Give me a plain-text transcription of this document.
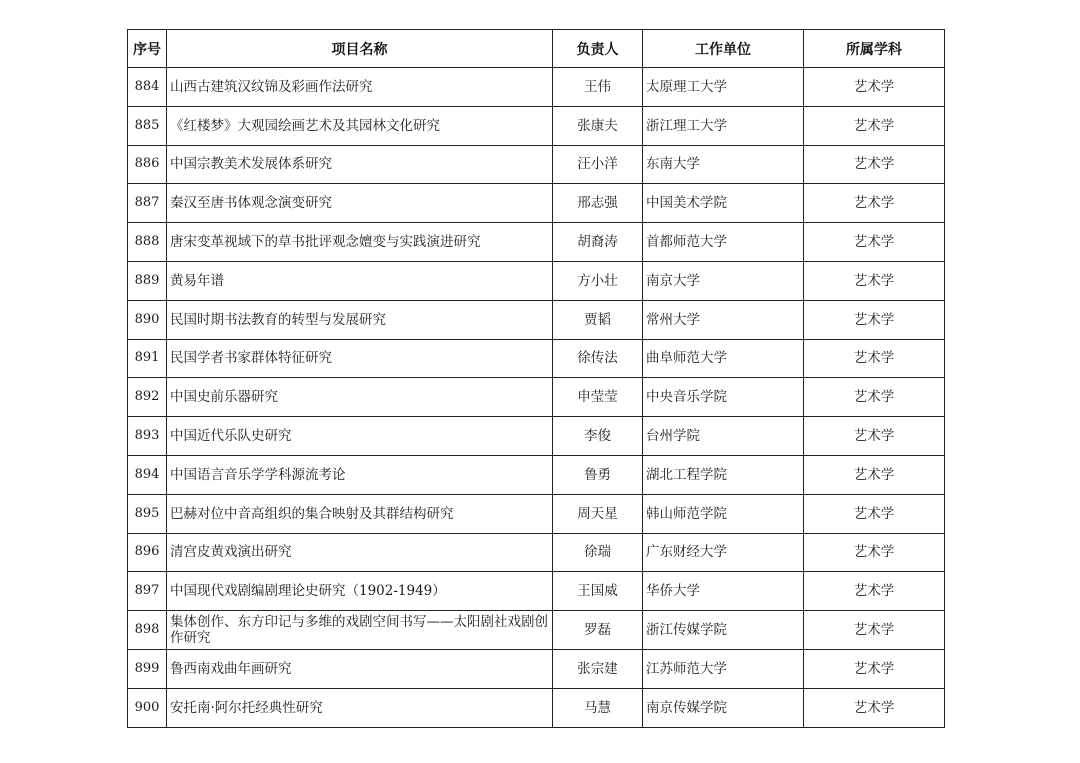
序号	项目名称	负责人	工作单位	所属学科
884	山西古建筑汉纹锦及彩画作法研究	王伟	太原理工大学	艺术学
885	《红楼梦》大观园绘画艺术及其园林文化研究	张康夫	浙江理工大学	艺术学
886	中国宗教美术发展体系研究	汪小洋	东南大学	艺术学
887	秦汉至唐书体观念演变研究	邢志强	中国美术学院	艺术学
888	唐宋变革视域下的草书批评观念嬗变与实践演进研究	胡裔涛	首都师范大学	艺术学
889	黄易年谱	方小壮	南京大学	艺术学
890	民国时期书法教育的转型与发展研究	贾韬	常州大学	艺术学
891	民国学者书家群体特征研究	徐传法	曲阜师范大学	艺术学
892	中国史前乐器研究	申莹莹	中央音乐学院	艺术学
893	中国近代乐队史研究	李俊	台州学院	艺术学
894	中国语言音乐学学科源流考论	鲁勇	湖北工程学院	艺术学
895	巴赫对位中音高组织的集合映射及其群结构研究	周天星	韩山师范学院	艺术学
896	清宫皮黄戏演出研究	徐瑞	广东财经大学	艺术学
897	中国现代戏剧编剧理论史研究（1902-1949）	王国威	华侨大学	艺术学
898	集体创作、东方印记与多维的戏剧空间书写——太阳剧社戏剧创作研究	罗磊	浙江传媒学院	艺术学
899	鲁西南戏曲年画研究	张宗建	江苏师范大学	艺术学
900	安托南·阿尔托经典性研究	马慧	南京传媒学院	艺术学
